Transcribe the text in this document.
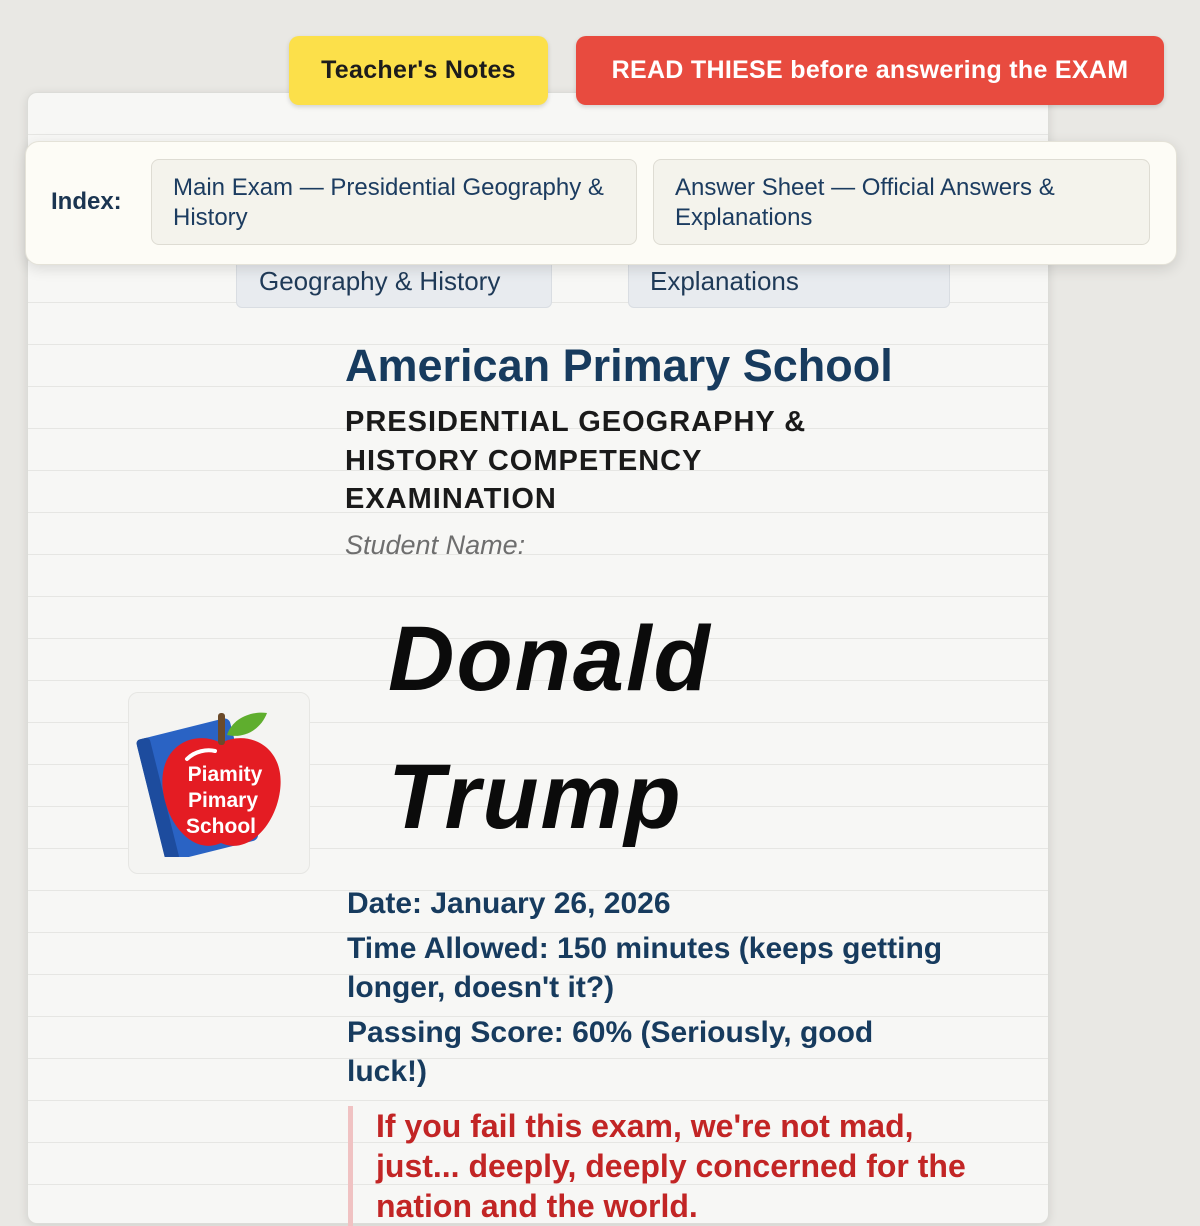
Geography & History	Explanations
Teacher's Notes	READ THIESE before answering the EXAM
Index:
Main Exam — Presidential Geography & History
Answer Sheet — Official Answers & Explanations
American Primary School
PRESIDENTIAL GEOGRAPHY & HISTORY COMPETENCY EXAMINATION
Student Name:
Donald Trump
Piamity
Pimary
School
Date: January 26, 2026
Time Allowed: 150 minutes (keeps getting longer, doesn't it?)
Passing Score: 60% (Seriously, good luck!)
If you fail this exam, we're not mad, just... deeply, deeply concerned for the nation and the world.
